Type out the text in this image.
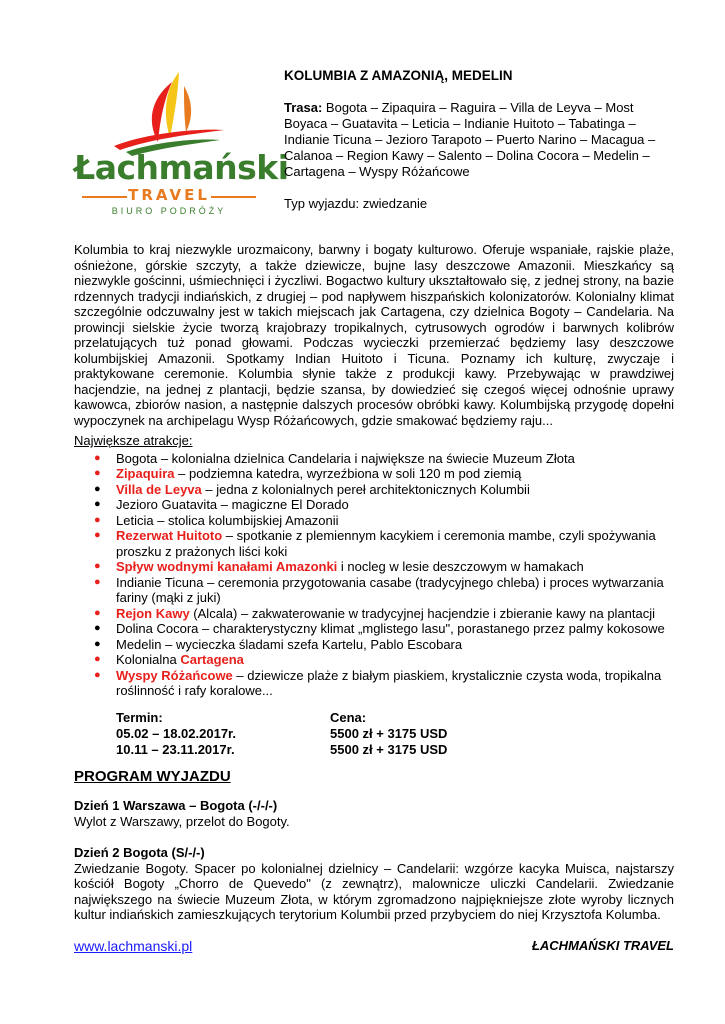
Łachmański
TRAVEL
BIURO PODRÓŻY

KOLUMBIA Z AMAZONIĄ, MEDELIN

Trasa: Bogota – Zipaquira – Raguira – Villa de Leyva – Most Boyaca – Guatavita – Leticia – Indianie Huitoto – Tabatinga – Indianie Ticuna – Jezioro Tarapoto – Puerto Narino – Macagua – Calanoa – Region Kawy – Salento – Dolina Cocora – Medelin – Cartagena – Wyspy Różańcowe

Typ wyjazdu: zwiedzanie

Kolumbia to kraj niezwykle urozmaicony, barwny i bogaty kulturowo. Oferuje wspaniałe, rajskie plaże, ośnieżone, górskie szczyty, a także dziewicze, bujne lasy deszczowe Amazonii. Mieszkańcy są niezwykle gościnni, uśmiechnięci i życzliwi. Bogactwo kultury ukształtowało się, z jednej strony, na bazie rdzennych tradycji indiańskich, z drugiej – pod napływem hiszpańskich kolonizatorów. Kolonialny klimat szczególnie odczuwalny jest w takich miejscach jak Cartagena, czy dzielnica Bogoty – Candelaria. Na prowincji sielskie życie tworzą krajobrazy tropikalnych, cytrusowych ogrodów i barwnych kolibrów przelatujących tuż ponad głowami. Podczas wycieczki przemierzać będziemy lasy deszczowe kolumbijskiej Amazonii. Spotkamy Indian Huitoto i Ticuna. Poznamy ich kulturę, zwyczaje i praktykowane ceremonie. Kolumbia słynie także z produkcji kawy. Przebywając w prawdziwej hacjendzie, na jednej z plantacji, będzie szansa, by dowiedzieć się czegoś więcej odnośnie uprawy kawowca, zbiorów nasion, a następnie dalszych procesów obróbki kawy. Kolumbijską przygodę dopełni wypoczynek na archipelagu Wysp Różańcowych, gdzie smakować będziemy raju...

Największe atrakcje:

● Bogota – kolonialna dzielnica Candelaria i największe na świecie Muzeum Złota
● Zipaquira – podziemna katedra, wyrzeźbiona w soli 120 m pod ziemią
● Villa de Leyva – jedna z kolonialnych pereł architektonicznych Kolumbii
● Jezioro Guatavita – magiczne El Dorado
● Leticia – stolica kolumbijskiej Amazonii
● Rezerwat Huitoto – spotkanie z plemiennym kacykiem i ceremonia mambe, czyli spożywania proszku z prażonych liści koki
● Spływ wodnymi kanałami Amazonki i nocleg w lesie deszczowym w hamakach
● Indianie Ticuna – ceremonia przygotowania casabe (tradycyjnego chleba) i proces wytwarzania fariny (mąki z juki)
● Rejon Kawy (Alcala) – zakwaterowanie w tradycyjnej hacjendzie i zbieranie kawy na plantacji
● Dolina Cocora – charakterystyczny klimat „mglistego lasu", porastanego przez palmy kokosowe
● Medelin – wycieczka śladami szefa Kartelu, Pablo Escobara
● Kolonialna Cartagena
● Wyspy Różańcowe – dziewicze plaże z białym piaskiem, krystalicznie czysta woda, tropikalna roślinność i rafy koralowe...
Termin:
05.02 – 18.02.2017r.
10.11 – 23.11.2017r.
Cena:
5500 zł + 3175 USD
5500 zł + 3175 USD

PROGRAM WYJAZDU

Dzień 1 Warszawa – Bogota (-/-/-)

Wylot z Warszawy, przelot do Bogoty.

Dzień 2 Bogota (S/-/-)

Zwiedzanie Bogoty. Spacer po kolonialnej dzielnicy – Candelarii: wzgórze kacyka Muisca, najstarszy kościół Bogoty „Chorro de Quevedo" (z zewnątrz), malownicze uliczki Candelarii. Zwiedzanie największego na świecie Muzeum Złota, w którym zgromadzono najpiękniejsze złote wyroby licznych kultur indiańskich zamieszkujących terytorium Kolumbii przed przybyciem do niej Krzysztofa Kolumba.

www.lachmanski.pl	ŁACHMAŃSKI TRAVEL
